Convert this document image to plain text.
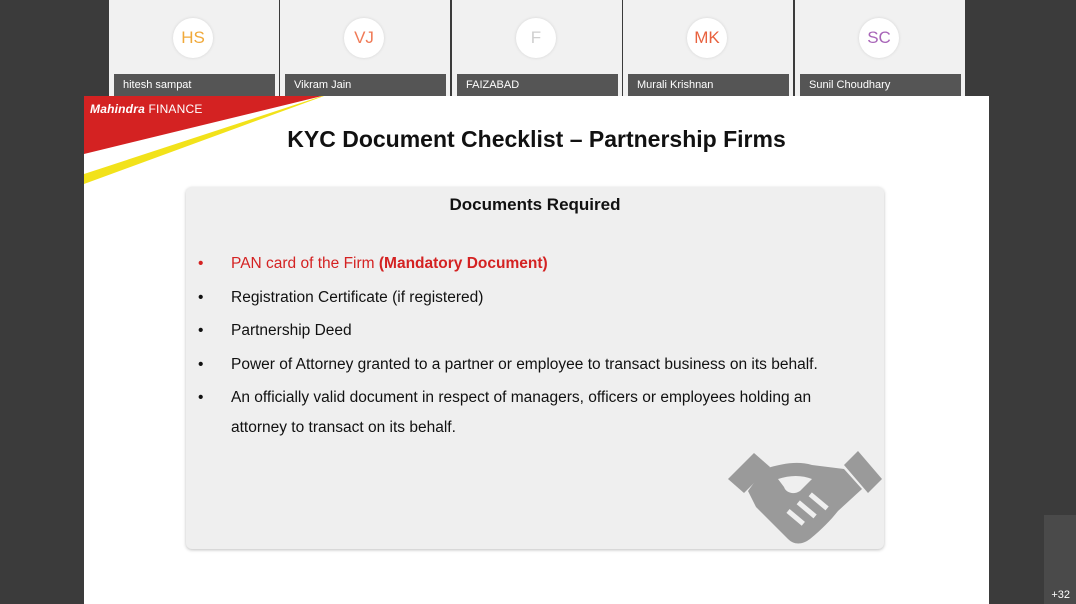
HS
hitesh sampat
VJ
Vikram Jain
F
FAIZABAD
MK
Murali Krishnan
SC
Sunil Choudhary
Mahindra FINANCE
KYC Document Checklist – Partnership Firms
Documents Required
• PAN card of the Firm (Mandatory Document)
• Registration Certificate (if registered)
• Partnership Deed
• Power of Attorney granted to a partner or employee to transact business on its behalf.
• An officially valid document in respect of managers, officers or employees holding an
attorney to transact on its behalf.
+32
